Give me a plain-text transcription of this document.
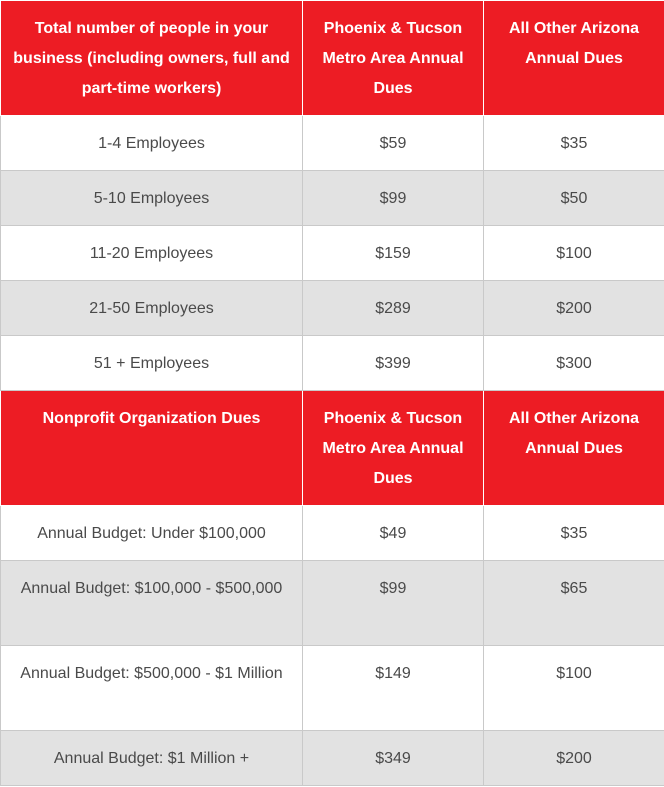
Total number of people in your business (including owners, full and part-time workers)	Phoenix & Tucson Metro Area Annual Dues	All Other Arizona Annual Dues
1-4 Employees	$59	$35
5-10 Employees	$99	$50
11-20 Employees	$159	$100
21-50 Employees	$289	$200
51 + Employees	$399	$300
Nonprofit Organization Dues	Phoenix & Tucson Metro Area Annual Dues	All Other Arizona Annual Dues
Annual Budget: Under $100,000	$49	$35
Annual Budget: $100,000 - $500,000	$99	$65
Annual Budget: $500,000 - $1 Million	$149	$100
Annual Budget: $1 Million +	$349	$200
